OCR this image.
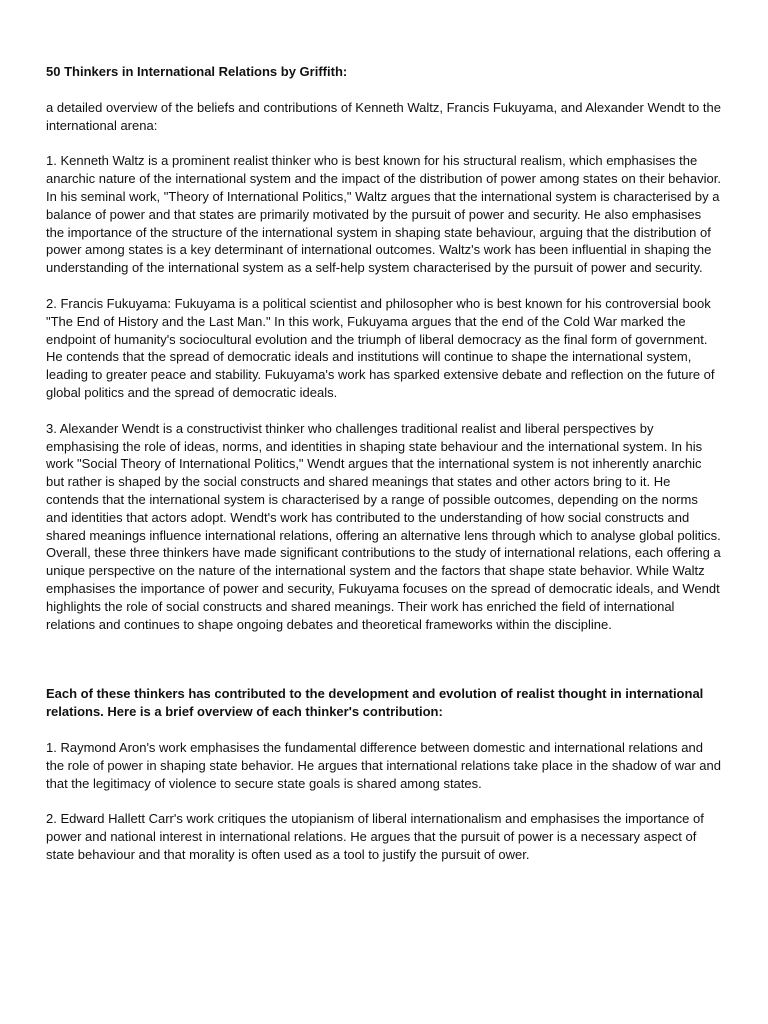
50 Thinkers in International Relations by Griffith:

a detailed overview of the beliefs and contributions of Kenneth Waltz, Francis Fukuyama, and Alexander Wendt to the international arena:

1. Kenneth Waltz is a prominent realist thinker who is best known for his structural realism, which emphasises the anarchic nature of the international system and the impact of the distribution of power among states on their behavior. In his seminal work, "Theory of International Politics," Waltz argues that the international system is characterised by a balance of power and that states are primarily motivated by the pursuit of power and security. He also emphasises the importance of the structure of the international system in shaping state behaviour, arguing that the distribution of power among states is a key determinant of international outcomes. Waltz's work has been influential in shaping the understanding of the international system as a self-help system characterised by the pursuit of power and security.

2. Francis Fukuyama: Fukuyama is a political scientist and philosopher who is best known for his controversial book "The End of History and the Last Man." In this work, Fukuyama argues that the end of the Cold War marked the endpoint of humanity's sociocultural evolution and the triumph of liberal democracy as the final form of government. He contends that the spread of democratic ideals and institutions will continue to shape the international system, leading to greater peace and stability. Fukuyama's work has sparked extensive debate and reflection on the future of global politics and the spread of democratic ideals.

3. Alexander Wendt is a constructivist thinker who challenges traditional realist and liberal perspectives by emphasising the role of ideas, norms, and identities in shaping state behaviour and the international system. In his work "Social Theory of International Politics," Wendt argues that the international system is not inherently anarchic but rather is shaped by the social constructs and shared meanings that states and other actors bring to it. He contends that the international system is characterised by a range of possible outcomes, depending on the norms and identities that actors adopt. Wendt's work has contributed to the understanding of how social constructs and shared meanings influence international relations, offering an alternative lens through which to analyse global politics. Overall, these three thinkers have made significant contributions to the study of international relations, each offering a unique perspective on the nature of the international system and the factors that shape state behavior. While Waltz emphasises the importance of power and security, Fukuyama focuses on the spread of democratic ideals, and Wendt highlights the role of social constructs and shared meanings. Their work has enriched the field of international relations and continues to shape ongoing debates and theoretical frameworks within the discipline.

Each of these thinkers has contributed to the development and evolution of realist thought in international relations. Here is a brief overview of each thinker's contribution:

1. Raymond Aron's work emphasises the fundamental difference between domestic and international relations and the role of power in shaping state behavior. He argues that international relations take place in the shadow of war and that the legitimacy of violence to secure state goals is shared among states.

2. Edward Hallett Carr's work critiques the utopianism of liberal internationalism and emphasises the importance of power and national interest in international relations. He argues that the pursuit of power is a necessary aspect of state behaviour and that morality is often used as a tool to justify the pursuit of ower.
